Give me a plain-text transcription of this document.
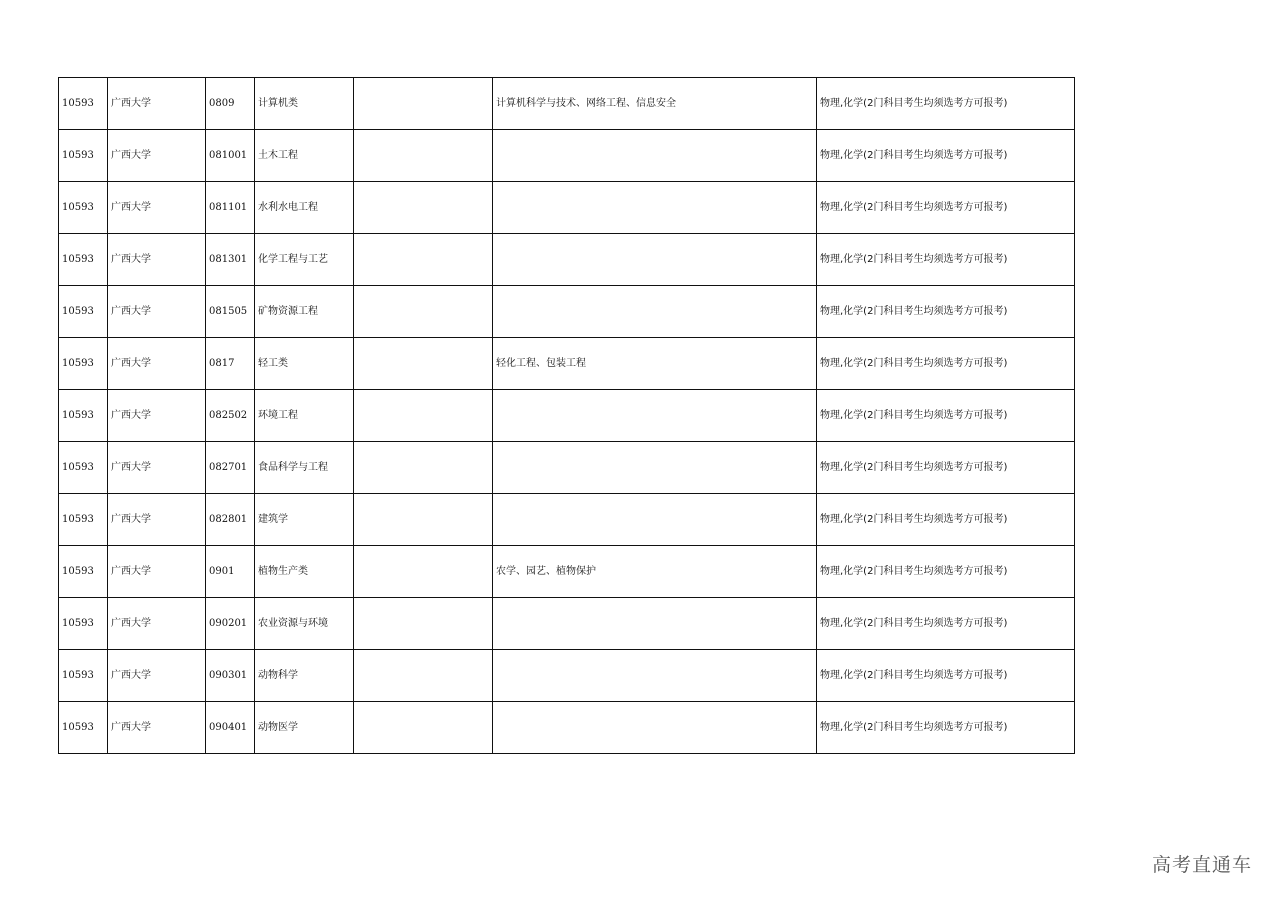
10593	广西大学	0809	计算机类		计算机科学与技术、网络工程、信息安全	物理,化学(2门科目考生均须选考方可报考)
10593	广西大学	081001	土木工程			物理,化学(2门科目考生均须选考方可报考)
10593	广西大学	081101	水利水电工程			物理,化学(2门科目考生均须选考方可报考)
10593	广西大学	081301	化学工程与工艺			物理,化学(2门科目考生均须选考方可报考)
10593	广西大学	081505	矿物资源工程			物理,化学(2门科目考生均须选考方可报考)
10593	广西大学	0817	轻工类		轻化工程、包装工程	物理,化学(2门科目考生均须选考方可报考)
10593	广西大学	082502	环境工程			物理,化学(2门科目考生均须选考方可报考)
10593	广西大学	082701	食品科学与工程			物理,化学(2门科目考生均须选考方可报考)
10593	广西大学	082801	建筑学			物理,化学(2门科目考生均须选考方可报考)
10593	广西大学	0901	植物生产类		农学、园艺、植物保护	物理,化学(2门科目考生均须选考方可报考)
10593	广西大学	090201	农业资源与环境			物理,化学(2门科目考生均须选考方可报考)
10593	广西大学	090301	动物科学			物理,化学(2门科目考生均须选考方可报考)
10593	广西大学	090401	动物医学			物理,化学(2门科目考生均须选考方可报考)
高考直通车
